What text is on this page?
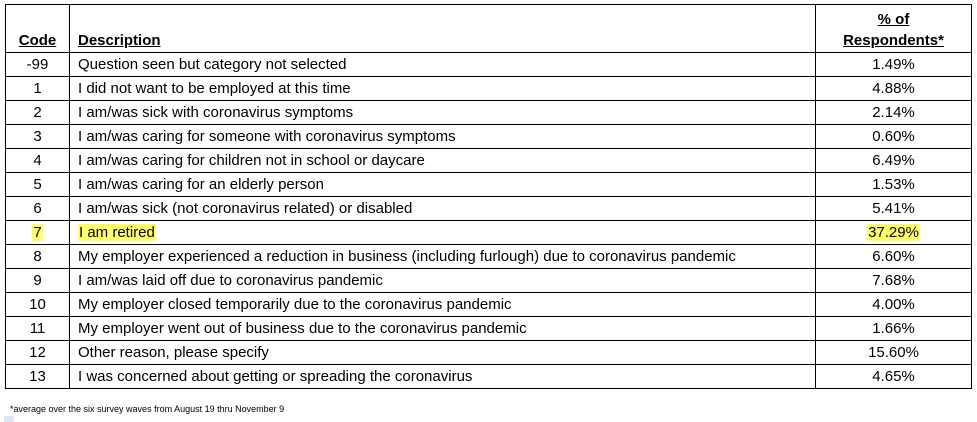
Code	Description	% of
Respondents*
-99	Question seen but category not selected	1.49%
1	I did not want to be employed at this time	4.88%
2	I am/was sick with coronavirus symptoms	2.14%
3	I am/was caring for someone with coronavirus symptoms	0.60%
4	I am/was caring for children not in school or daycare	6.49%
5	I am/was caring for an elderly person	1.53%
6	I am/was sick (not coronavirus related) or disabled	5.41%
7	I am retired	37.29%
8	My employer experienced a reduction in business (including furlough) due to coronavirus pandemic	6.60%
9	I am/was laid off due to coronavirus pandemic	7.68%
10	My employer closed temporarily due to the coronavirus pandemic	4.00%
11	My employer went out of business due to the coronavirus pandemic	1.66%
12	Other reason, please specify	15.60%
13	I was concerned about getting or spreading the coronavirus	4.65%
*average over the six survey waves from August 19 thru November 9
